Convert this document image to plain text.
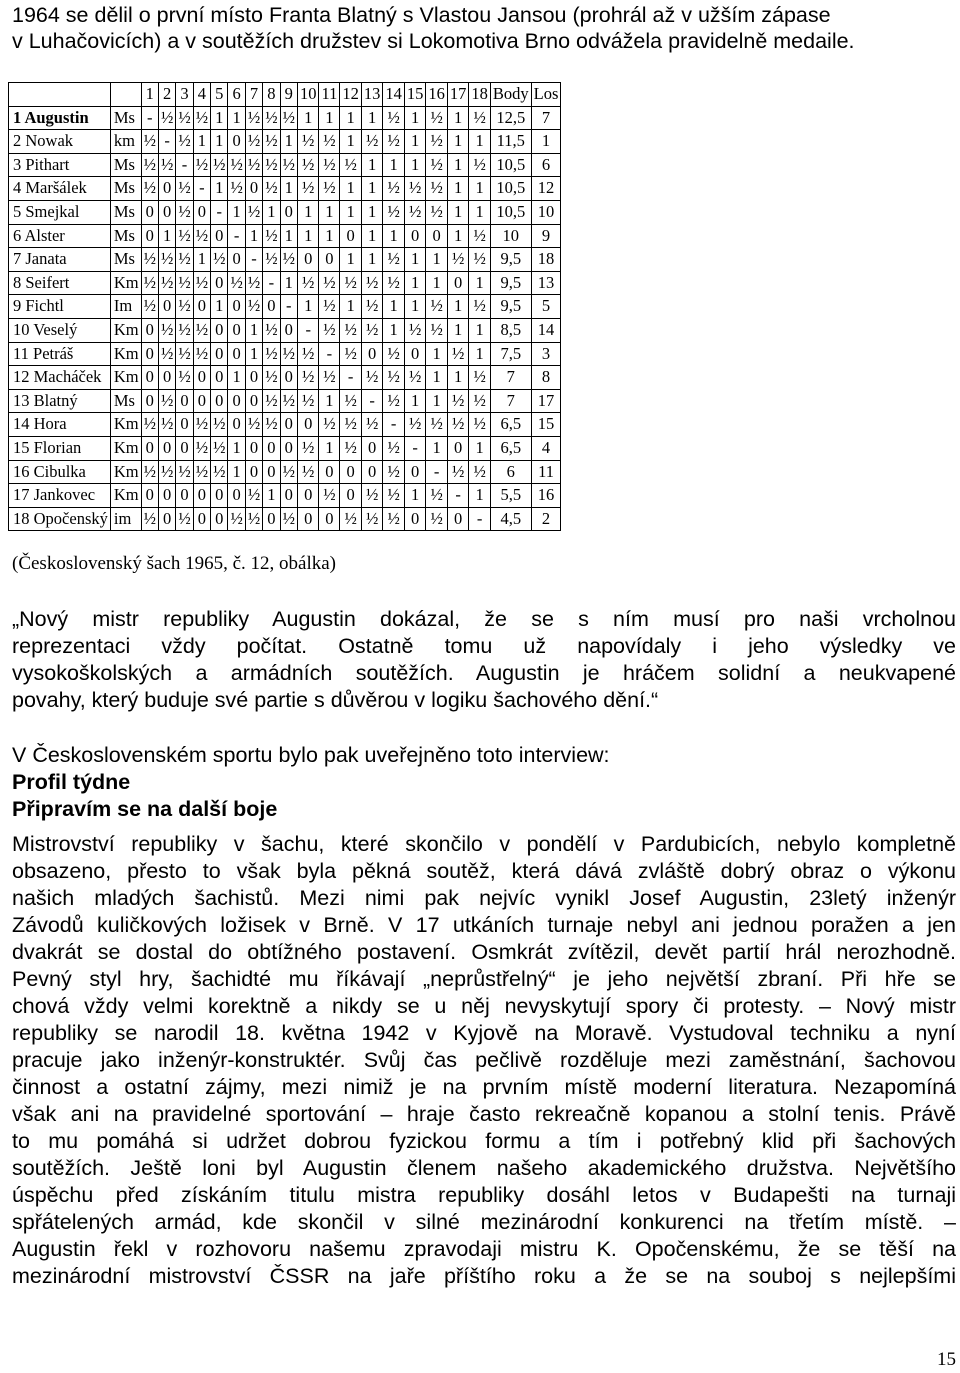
1964 se dělil o první místo Franta Blatný s Vlastou Jansou (prohrál až v užším zápase
v Luhačovicích) a v soutěžích družstev si Lokomotiva Brno odvážela pravidelně medaile.
		1	2	3	4	5	6	7	8	9	10	11	12	13	14	15	16	17	18	Body	Los
1 Augustin	Ms	-	½	½	½	1	1	½	½	½	1	1	1	1	½	1	½	1	½	12,5	7
2 Nowak	km	½	-	½	1	1	0	½	½	1	½	½	1	½	½	1	½	1	1	11,5	1
3 Pithart	Ms	½	½	-	½	½	½	½	½	½	½	½	½	1	1	1	½	1	½	10,5	6
4 Maršálek	Ms	½	0	½	-	1	½	0	½	1	½	½	1	1	½	½	½	1	1	10,5	12
5 Smejkal	Ms	0	0	½	0	-	1	½	1	0	1	1	1	1	½	½	½	1	1	10,5	10
6 Alster	Ms	0	1	½	½	0	-	1	½	1	1	1	0	1	1	0	0	1	½	10	9
7 Janata	Ms	½	½	½	1	½	0	-	½	½	0	0	1	1	½	1	1	½	½	9,5	18
8 Seifert	Km	½	½	½	½	0	½	½	-	1	½	½	½	½	½	1	1	0	1	9,5	13
9 Fichtl	Im	½	0	½	0	1	0	½	0	-	1	½	1	½	1	1	½	1	½	9,5	5
10 Veselý	Km	0	½	½	½	0	0	1	½	0	-	½	½	½	1	½	½	1	1	8,5	14
11 Petráš	Km	0	½	½	½	0	0	1	½	½	½	-	½	0	½	0	1	½	1	7,5	3
12 Macháček	Km	0	0	½	0	0	1	0	½	0	½	½	-	½	½	½	1	1	½	7	8
13 Blatný	Ms	0	½	0	0	0	0	0	½	½	½	1	½	-	½	1	1	½	½	7	17
14 Hora	Km	½	½	0	½	½	0	½	½	0	0	½	½	½	-	½	½	½	½	6,5	15
15 Florian	Km	0	0	0	½	½	1	0	0	0	½	1	½	0	½	-	1	0	1	6,5	4
16 Cibulka	Km	½	½	½	½	½	1	0	0	½	½	0	0	0	½	0	-	½	½	6	11
17 Jankovec	Km	0	0	0	0	0	0	½	1	0	0	½	0	½	½	1	½	-	1	5,5	16
18 Opočenský	im	½	0	½	0	0	½	½	0	½	0	0	½	½	½	0	½	0	-	4,5	2
(Československý šach 1965, č. 12, obálka)
„Nový mistr republiky Augustin dokázal, že se s ním musí pro naši vrcholnou
reprezentaci vždy počítat. Ostatně tomu už napovídaly i jeho výsledky ve
vysokoškolských a armádních soutěžích. Augustin je hráčem solidní a neukvapené
povahy, který buduje své partie s důvěrou v logiku šachového dění.“
V Československém sportu bylo pak uveřejněno toto interview:
Profil týdne
Připravím se na další boje
Mistrovství republiky v šachu, které skončilo v pondělí v Pardubicích, nebylo kompletně
obsazeno, přesto to však byla pěkná soutěž, která dává zvláště dobrý obraz o výkonu
našich mladých šachistů. Mezi nimi pak nejvíc vynikl Josef Augustin, 23letý inženýr
Závodů kuličkových ložisek v Brně. V 17 utkáních turnaje nebyl ani jednou poražen a jen
dvakrát se dostal do obtížného postavení. Osmkrát zvítězil, devět partií hrál nerozhodně.
Pevný styl hry, šachidté mu říkávají „neprůstřelný“ je jeho největší zbraní. Při hře se
chová vždy velmi korektně a nikdy se u něj nevyskytují spory či protesty. – Nový mistr
republiky se narodil 18. května 1942 v Kyjově na Moravě. Vystudoval techniku a nyní
pracuje jako inženýr-konstruktér. Svůj čas pečlivě rozděluje mezi zaměstnání, šachovou
činnost a ostatní zájmy, mezi nimiž je na prvním místě moderní literatura. Nezapomíná
však ani na pravidelné sportování – hraje často rekreačně kopanou a stolní tenis. Právě
to mu pomáhá si udržet dobrou fyzickou formu a tím i potřebný klid při šachových
soutěžích. Ještě loni byl Augustin členem našeho akademického družstva. Největšího
úspěchu před získáním titulu mistra republiky dosáhl letos v Budapešti na turnaji
spřátelených armád, kde skončil v silné mezinárodní konkurenci na třetím místě. –
Augustin řekl v rozhovoru našemu zpravodaji mistru K. Opočenskému, že se těší na
mezinárodní mistrovství ČSSR na jaře příštího roku a že se na souboj s nejlepšími
15
